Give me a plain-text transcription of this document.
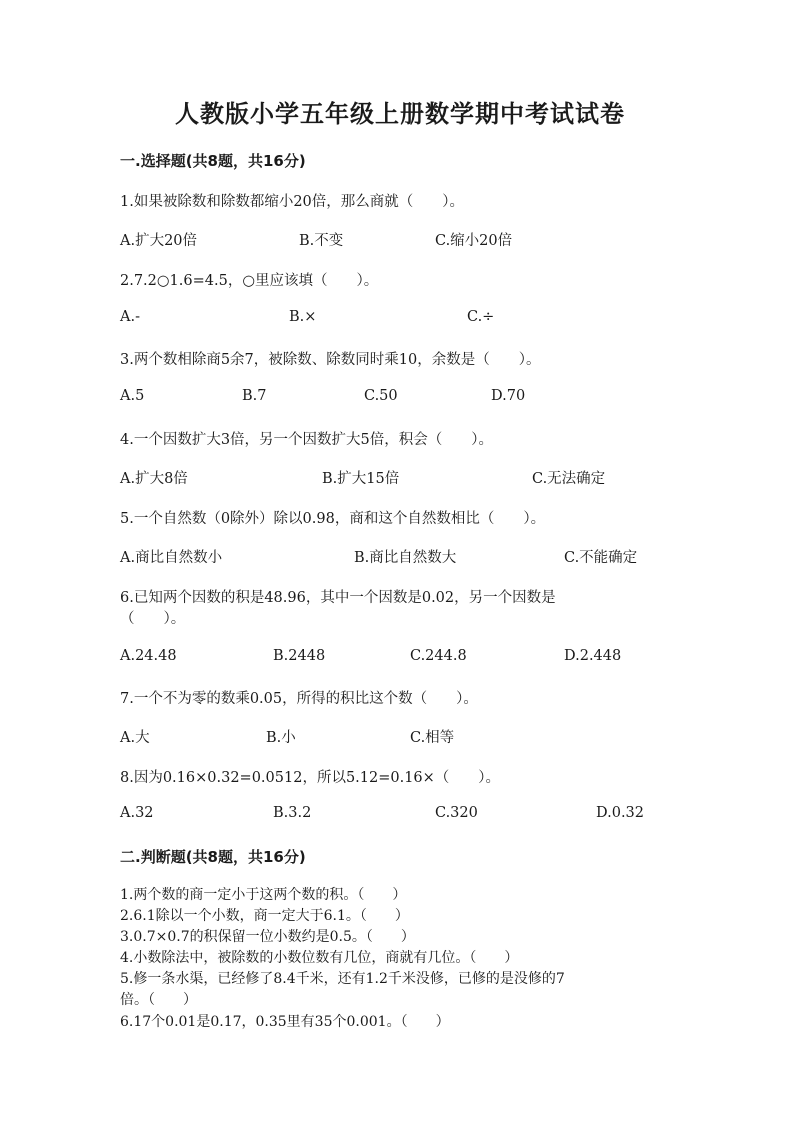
人教版小学五年级上册数学期中考试试卷
一.选择题(共8题，共16分)
1.如果被除数和除数都缩小20倍，那么商就（　　）。
A.扩大20倍	B.不变	C.缩小20倍
2.7.2○1.6=4.5，○里应该填（　　）。
A.-	B.×	C.÷
3.两个数相除商5余7，被除数、除数同时乘10，余数是（　　）。
A.5	B.7	C.50	D.70
4.一个因数扩大3倍，另一个因数扩大5倍，积会（　　）。
A.扩大8倍	B.扩大15倍	C.无法确定
5.一个自然数（0除外）除以0.98，商和这个自然数相比（　　）。
A.商比自然数小	B.商比自然数大	C.不能确定
6.已知两个因数的积是48.96，其中一个因数是0.02，另一个因数是
（　　）。
A.24.48	B.2448	C.244.8	D.2.448
7.一个不为零的数乘0.05，所得的积比这个数（　　）。
A.大	B.小	C.相等
8.因为0.16×0.32=0.0512，所以5.12=0.16×（　　）。
A.32	B.3.2	C.320	D.0.32
二.判断题(共8题，共16分)
1.两个数的商一定小于这两个数的积。（　　）
2.6.1除以一个小数，商一定大于6.1。（　　）
3.0.7×0.7的积保留一位小数约是0.5。（　　）
4.小数除法中，被除数的小数位数有几位，商就有几位。（　　）
5.修一条水渠，已经修了8.4千米，还有1.2千米没修，已修的是没修的7
倍。（　　）
6.17个0.01是0.17，0.35里有35个0.001。（　　）
